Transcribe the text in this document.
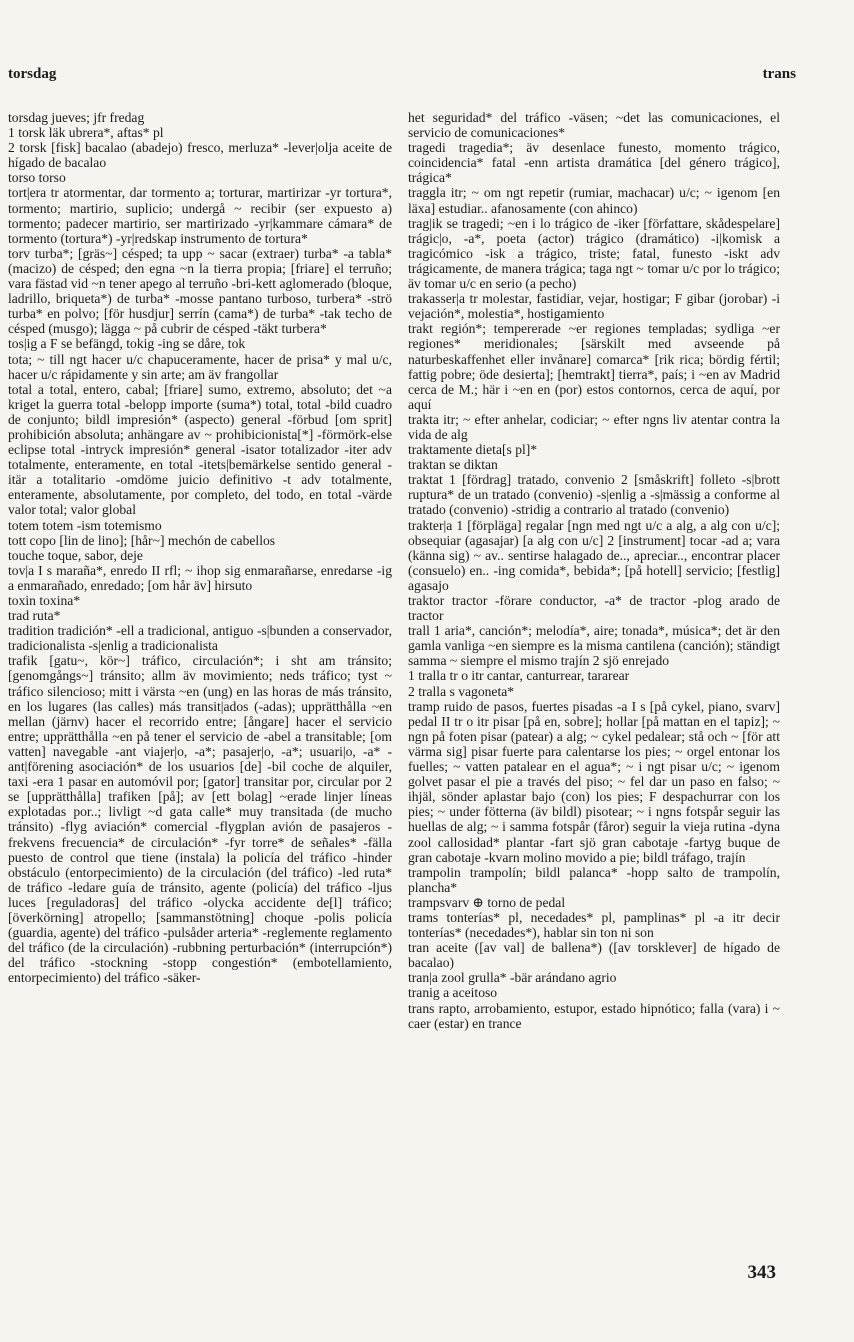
torsdag	trans

torsdag jueves; jfr fredag

1 torsk läk ubrera*, aftas* pl

2 torsk [fisk] bacalao (abadejo) fresco, merluza* -lever|olja aceite de hígado de bacalao

torso torso

tort|era tr atormentar, dar tormento a; torturar, martirizar -yr tortura*, tormento; martirio, suplicio; undergå ~ recibir (ser expuesto a) tormento; padecer martirio, ser martirizado -yr|kammare cámara* de tormento (tortura*) -yr|redskap instrumento de tortura*

torv turba*; [gräs~] césped; ta upp ~ sacar (extraer) turba* -a tabla* (macizo) de césped; den egna ~n la tierra propia; [friare] el terruño; vara fästad vid ~n tener apego al terruño -bri-kett aglomerado (bloque, ladrillo, briqueta*) de turba* -mosse pantano turboso, turbera* -strö turba* en polvo; [för husdjur] serrín (cama*) de turba* -tak techo de césped (musgo); lägga ~ på cubrir de césped -täkt turbera*

tos|ig a F se befängd, tokig -ing se dåre, tok

tota; ~ till ngt hacer u/c chapuceramente, hacer de prisa* y mal u/c, hacer u/c rápidamente y sin arte; am äv frangollar

total a total, entero, cabal; [friare] sumo, extremo, absoluto; det ~a kriget la guerra total -belopp importe (suma*) total, total -bild cuadro de conjunto; bildl impresión* (aspecto) general -förbud [om sprit] prohibición absoluta; anhängare av ~ prohibicionista[*] -förmörk-else eclipse total -intryck impresión* general -isator totalizador -iter adv totalmente, enteramente, en total -itets|bemärkelse sentido general -itär a totalitario -omdöme juicio definitivo -t adv totalmente, enteramente, absolutamente, por completo, del todo, en total -värde valor total; valor global

totem totem -ism totemismo

tott copo [lin de lino]; [hår~] mechón de cabellos

touche toque, sabor, deje

tov|a I s maraña*, enredo II rfl; ~ ihop sig enmarañarse, enredarse -ig a enmarañado, enredado; [om hår äv] hirsuto

toxin toxina*

trad ruta*

tradition tradición* -ell a tradicional, antiguo -s|bunden a conservador, tradicionalista -s|enlig a tradicionalista

trafik [gatu~, kör~] tráfico, circulación*; i sht am tránsito; [genomgångs~] tránsito; allm äv movimiento; neds tráfico; tyst ~ tráfico silencioso; mitt i värsta ~en (ung) en las horas de más tránsito, en los lugares (las calles) más transit|ados (-adas); upprätthålla ~en mellan (järnv) hacer el recorrido entre; [ångare] hacer el servicio entre; upprätthålla ~en på tener el servicio de -abel a transitable; [om vatten] navegable -ant viajer|o, -a*; pasajer|o, -a*; usuari|o, -a* -ant|förening asociación* de los usuarios [de] -bil coche de alquiler, taxi -era 1 pasar en automóvil por; [gator] transitar por, circular por 2 se [upprätthålla] trafiken [på]; av [ett bolag] ~erade linjer líneas explotadas por..; livligt ~d gata calle* muy transitada (de mucho tránsito) -flyg aviación* comercial -flygplan avión de pasajeros -frekvens frecuencia* de circulación* -fyr torre* de señales* -fälla puesto de control que tiene (instala) la policía del tráfico -hinder obstáculo (entorpecimiento) de la circulación (del tráfico) -led ruta* de tráfico -ledare guía de tránsito, agente (policía) del tráfico -ljus luces [reguladoras] del tráfico -olycka accidente de[l] tráfico; [överkörning] atropello; [sammanstötning] choque -polis policía (guardia, agente) del tráfico -pulsåder arteria* -reglemente reglamento del tráfico (de la circulación) -rubbning perturbación* (interrupción*) del tráfico -stockning -stopp congestión* (embotellamiento, entorpecimiento) del tráfico -säker-

het seguridad* del tráfico -väsen; ~det las comunicaciones, el servicio de comunicaciones*

tragedi tragedia*; äv desenlace funesto, momento trágico, coincidencia* fatal -enn artista dramática [del género trágico], trágica*

traggla itr; ~ om ngt repetir (rumiar, machacar) u/c; ~ igenom [en läxa] estudiar.. afanosamente (con ahinco)

trag|ik se tragedi; ~en i lo trágico de -iker [författare, skådespelare] trágic|o, -a*, poeta (actor) trágico (dramático) -i|komisk a tragicómico -isk a trágico, triste; fatal, funesto -iskt adv trágicamente, de manera trágica; taga ngt ~ tomar u/c por lo trágico; äv tomar u/c en serio (a pecho)

trakasser|a tr molestar, fastidiar, vejar, hostigar; F gibar (jorobar) -i vejación*, molestia*, hostigamiento

trakt región*; tempererade ~er regiones templadas; sydliga ~er regiones* meridionales; [särskilt med avseende på naturbeskaffenhet eller invånare] comarca* [rik rica; bördig fértil; fattig pobre; öde desierta]; [hemtrakt] tierra*, país; i ~en av Madrid cerca de M.; här i ~en en (por) estos contornos, cerca de aquí, por aquí

trakta itr; ~ efter anhelar, codiciar; ~ efter ngns liv atentar contra la vida de alg

traktamente dieta[s pl]*

traktan se diktan

traktat 1 [fördrag] tratado, convenio 2 [småskrift] folleto -s|brott ruptura* de un tratado (convenio) -s|enlig a -s|mässig a conforme al tratado (convenio) -stridig a contrario al tratado (convenio)

trakter|a 1 [förpläga] regalar [ngn med ngt u/c a alg, a alg con u/c]; obsequiar (agasajar) [a alg con u/c] 2 [instrument] tocar -ad a; vara (känna sig) ~ av.. sentirse halagado de.., apreciar.., encontrar placer (consuelo) en.. -ing comida*, bebida*; [på hotell] servicio; [festlig] agasajo

traktor tractor -förare conductor, -a* de tractor -plog arado de tractor

trall 1 aria*, canción*; melodía*, aire; tonada*, música*; det är den gamla vanliga ~en siempre es la misma cantilena (canción); ständigt samma ~ siempre el mismo trajín 2 sjö enrejado

1 tralla tr o itr cantar, canturrear, tararear

2 tralla s vagoneta*

tramp ruido de pasos, fuertes pisadas -a I s [på cykel, piano, svarv] pedal II tr o itr pisar [på en, sobre]; hollar [på mattan en el tapiz]; ~ ngn på foten pisar (patear) a alg; ~ cykel pedalear; stå och ~ [för att värma sig] pisar fuerte para calentarse los pies; ~ orgel entonar los fuelles; ~ vatten patalear en el agua*; ~ i ngt pisar u/c; ~ igenom golvet pasar el pie a través del piso; ~ fel dar un paso en falso; ~ ihjäl, sönder aplastar bajo (con) los pies; F despachurrar con los pies; ~ under fötterna (äv bildl) pisotear; ~ i ngns fotspår seguir las huellas de alg; ~ i samma fotspår (fåror) seguir la vieja rutina -dyna zool callosidad* plantar -fart sjö gran cabotaje -fartyg buque de gran cabotaje -kvarn molino movido a pie; bildl tráfago, trajín

trampolin trampolín; bildl palanca* -hopp salto de trampolín, plancha*

trampsvarv ⊕ torno de pedal

trams tonterías* pl, necedades* pl, pamplinas* pl -a itr decir tonterías* (necedades*), hablar sin ton ni son

tran aceite ([av val] de ballena*) ([av torsklever] de hígado de bacalao)

tran|a zool grulla* -bär arándano agrio

tranig a aceitoso

trans rapto, arrobamiento, estupor, estado hipnótico; falla (vara) i ~ caer (estar) en trance

343
